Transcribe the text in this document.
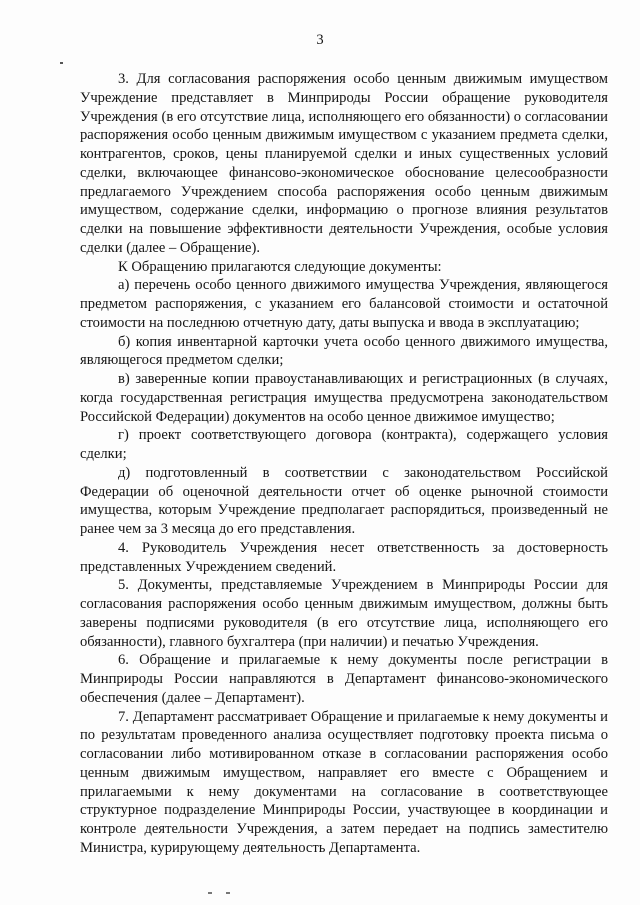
3

3. Для согласования распоряжения особо ценным движимым имуществом Учреждение представляет в Минприроды России обращение руководителя Учреждения (в его отсутствие лица, исполняющего его обязанности) о согласовании распоряжения особо ценным движимым имуществом с указанием предмета сделки, контрагентов, сроков, цены планируемой сделки и иных существенных условий сделки, включающее финансово-экономическое обоснование целесообразности предлагаемого Учреждением способа распоряжения особо ценным движимым имуществом, содержание сделки, информацию о прогнозе влияния результатов сделки на повышение эффективности деятельности Учреждения, особые условия сделки (далее – Обращение).

К Обращению прилагаются следующие документы:

а) перечень особо ценного движимого имущества Учреждения, являющегося предметом распоряжения, с указанием его балансовой стоимости и остаточной стоимости на последнюю отчетную дату, даты выпуска и ввода в эксплуатацию;

б) копия инвентарной карточки учета особо ценного движимого имущества, являющегося предметом сделки;

в) заверенные копии правоустанавливающих и регистрационных (в случаях, когда государственная регистрация имущества предусмотрена законодательством Российской Федерации) документов на особо ценное движимое имущество;

г) проект соответствующего договора (контракта), содержащего условия сделки;

д) подготовленный в соответствии с законодательством Российской Федерации об оценочной деятельности отчет об оценке рыночной стоимости имущества, которым Учреждение предполагает распорядиться, произведенный не ранее чем за 3 месяца до его представления.

4. Руководитель Учреждения несет ответственность за достоверность представленных Учреждением сведений.

5. Документы, представляемые Учреждением в Минприроды России для согласования распоряжения особо ценным движимым имуществом, должны быть заверены подписями руководителя (в его отсутствие лица, исполняющего его обязанности), главного бухгалтера (при наличии) и печатью Учреждения.

6. Обращение и прилагаемые к нему документы после регистрации в Минприроды России направляются в Департамент финансово-экономического обеспечения (далее – Департамент).

7. Департамент рассматривает Обращение и прилагаемые к нему документы и по результатам проведенного анализа осуществляет подготовку проекта письма о согласовании либо мотивированном отказе в согласовании распоряжения особо ценным движимым имуществом, направляет его вместе с Обращением и прилагаемыми к нему документами на согласование в соответствующее структурное подразделение Минприроды России, участвующее в координации и контроле деятельности Учреждения, а затем передает на подпись заместителю Министра, курирующему деятельность Департамента.
